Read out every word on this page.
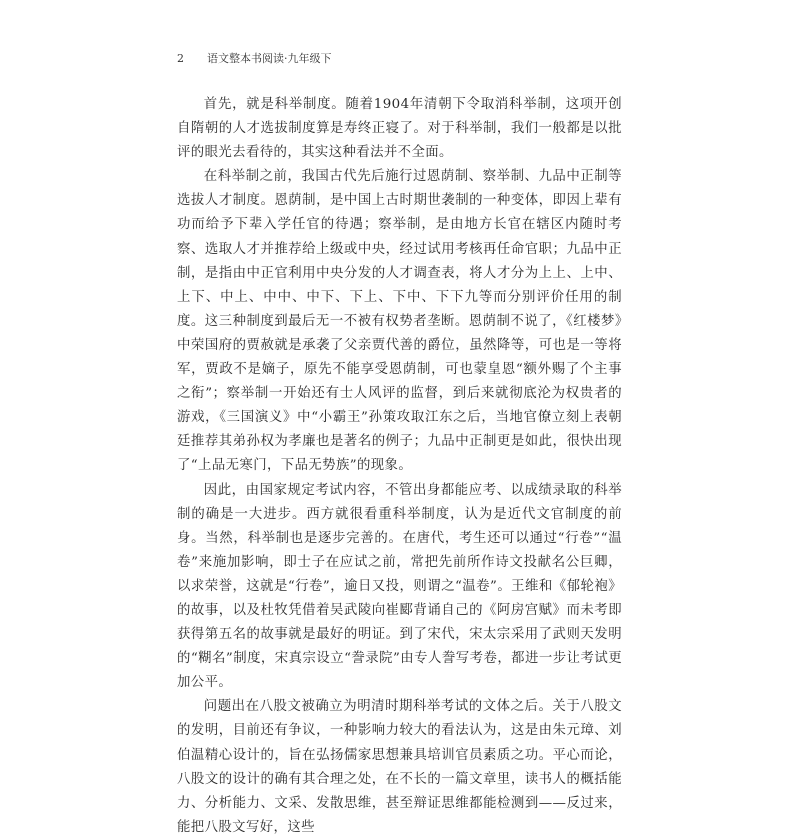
2 语文整本书阅读·九年级下

首先，就是科举制度。随着1904年清朝下令取消科举制，这项开创自隋朝的人才选拔制度算是寿终正寝了。对于科举制，我们一般都是以批评的眼光去看待的，其实这种看法并不全面。

在科举制之前，我国古代先后施行过恩荫制、察举制、九品中正制等选拔人才制度。恩荫制，是中国上古时期世袭制的一种变体，即因上辈有功而给予下辈入学任官的待遇；察举制，是由地方长官在辖区内随时考察、选取人才并推荐给上级或中央，经过试用考核再任命官职；九品中正制，是指由中正官利用中央分发的人才调查表，将人才分为上上、上中、上下、中上、中中、中下、下上、下中、下下九等而分别评价任用的制度。这三种制度到最后无一不被有权势者垄断。恩荫制不说了，《红楼梦》中荣国府的贾赦就是承袭了父亲贾代善的爵位，虽然降等，可也是一等将军，贾政不是嫡子，原先不能享受恩荫制，可也蒙皇恩“额外赐了个主事之衔”；察举制一开始还有士人风评的监督，到后来就彻底沦为权贵者的游戏，《三国演义》中“小霸王”孙策攻取江东之后，当地官僚立刻上表朝廷推荐其弟孙权为孝廉也是著名的例子；九品中正制更是如此，很快出现了“上品无寒门，下品无势族”的现象。

因此，由国家规定考试内容，不管出身都能应考、以成绩录取的科举制的确是一大进步。西方就很看重科举制度，认为是近代文官制度的前身。当然，科举制也是逐步完善的。在唐代，考生还可以通过“行卷”“温卷”来施加影响，即士子在应试之前，常把先前所作诗文投献名公巨卿，以求荣誉，这就是“行卷”，逾日又投，则谓之“温卷”。王维和《郁轮袍》的故事，以及杜牧凭借着吴武陵向崔郾背诵自己的《阿房宫赋》而未考即获得第五名的故事就是最好的明证。到了宋代，宋太宗采用了武则天发明的“糊名”制度，宋真宗设立“誊录院”由专人誊写考卷，都进一步让考试更加公平。

问题出在八股文被确立为明清时期科举考试的文体之后。关于八股文的发明，目前还有争议，一种影响力较大的看法认为，这是由朱元璋、刘伯温精心设计的，旨在弘扬儒家思想兼具培训官员素质之功。平心而论，八股文的设计的确有其合理之处，在不长的一篇文章里，读书人的概括能力、分析能力、文采、发散思维，甚至辩证思维都能检测到——反过来，能把八股文写好，这些
